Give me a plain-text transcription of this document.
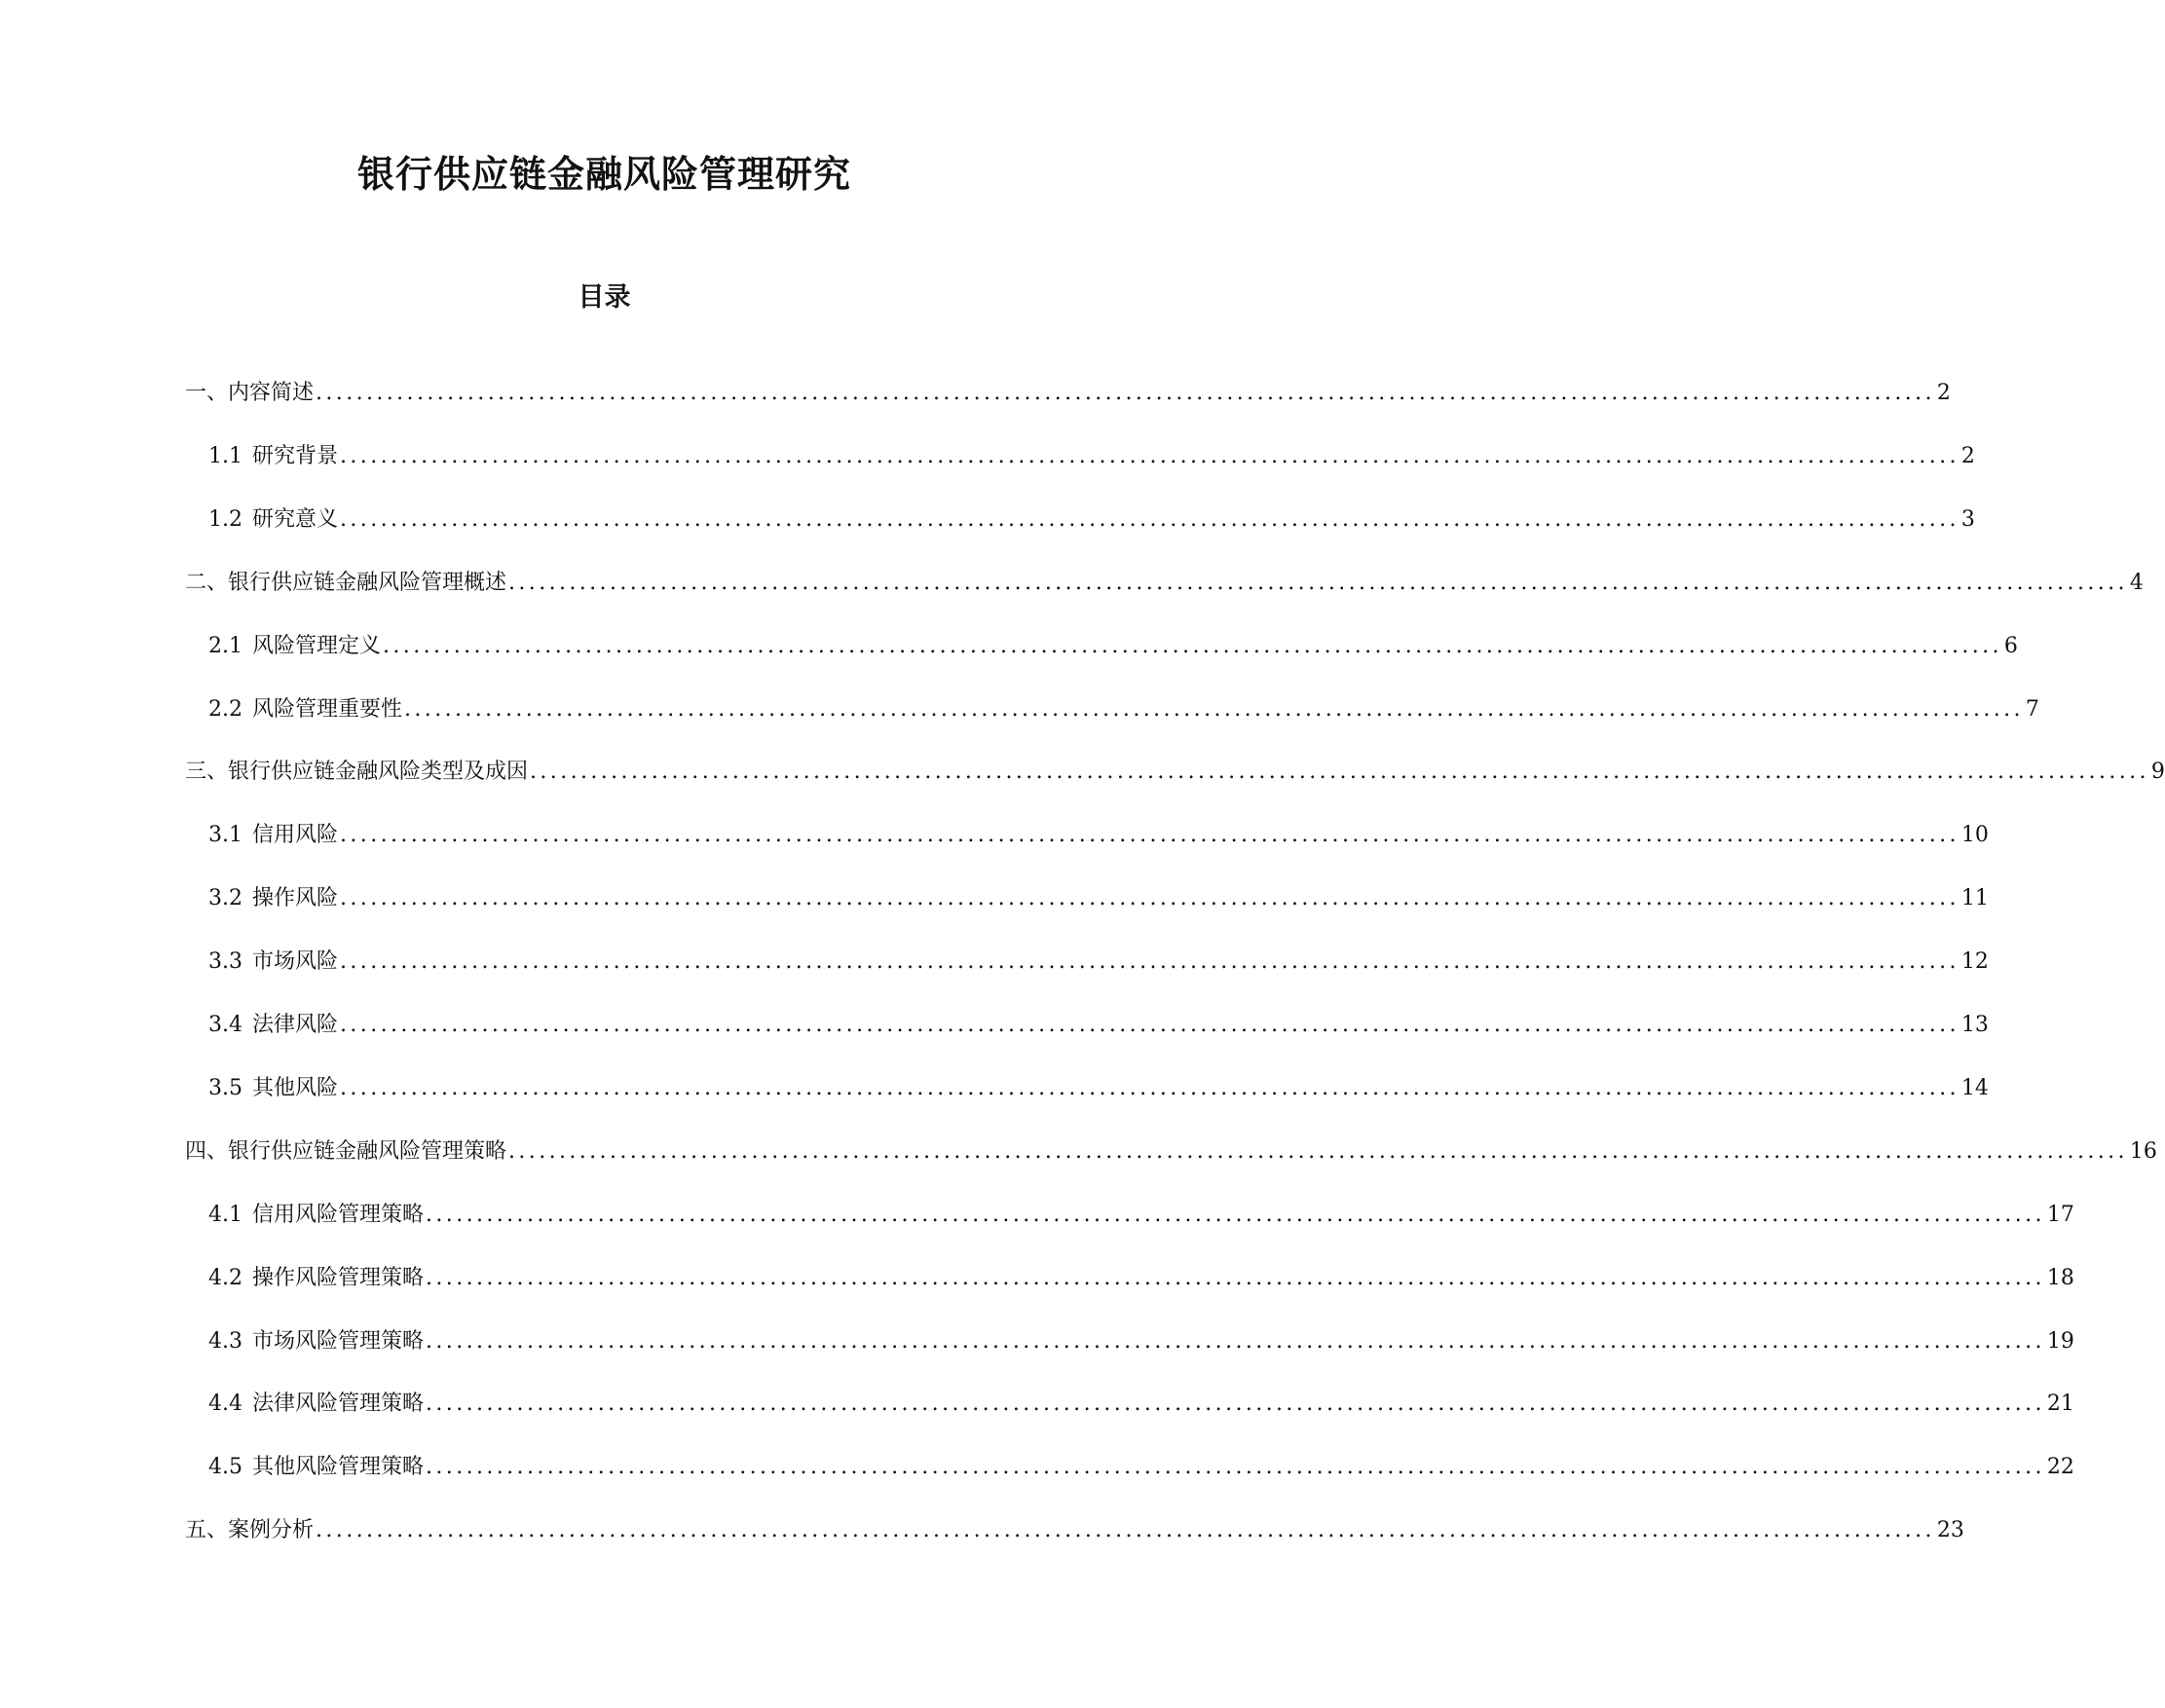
银行供应链金融风险管理研究
目录
一、内容简述 ................................................................................................................................................................ 2
1.1 研究背景 ................................................................................................................................................................ 2
1.2 研究意义 ................................................................................................................................................................ 3
二、银行供应链金融风险管理概述 ................................................................................................................................................................ 4
2.1 风险管理定义 ................................................................................................................................................................ 6
2.2 风险管理重要性 ................................................................................................................................................................ 7
三、银行供应链金融风险类型及成因 ................................................................................................................................................................ 9
3.1 信用风险 ................................................................................................................................................................ 10
3.2 操作风险 ................................................................................................................................................................ 11
3.3 市场风险 ................................................................................................................................................................ 12
3.4 法律风险 ................................................................................................................................................................ 13
3.5 其他风险 ................................................................................................................................................................ 14
四、银行供应链金融风险管理策略 ................................................................................................................................................................ 16
4.1 信用风险管理策略 ................................................................................................................................................................ 17
4.2 操作风险管理策略 ................................................................................................................................................................ 18
4.3 市场风险管理策略 ................................................................................................................................................................ 19
4.4 法律风险管理策略 ................................................................................................................................................................ 21
4.5 其他风险管理策略 ................................................................................................................................................................ 22
五、案例分析 ................................................................................................................................................................ 23
